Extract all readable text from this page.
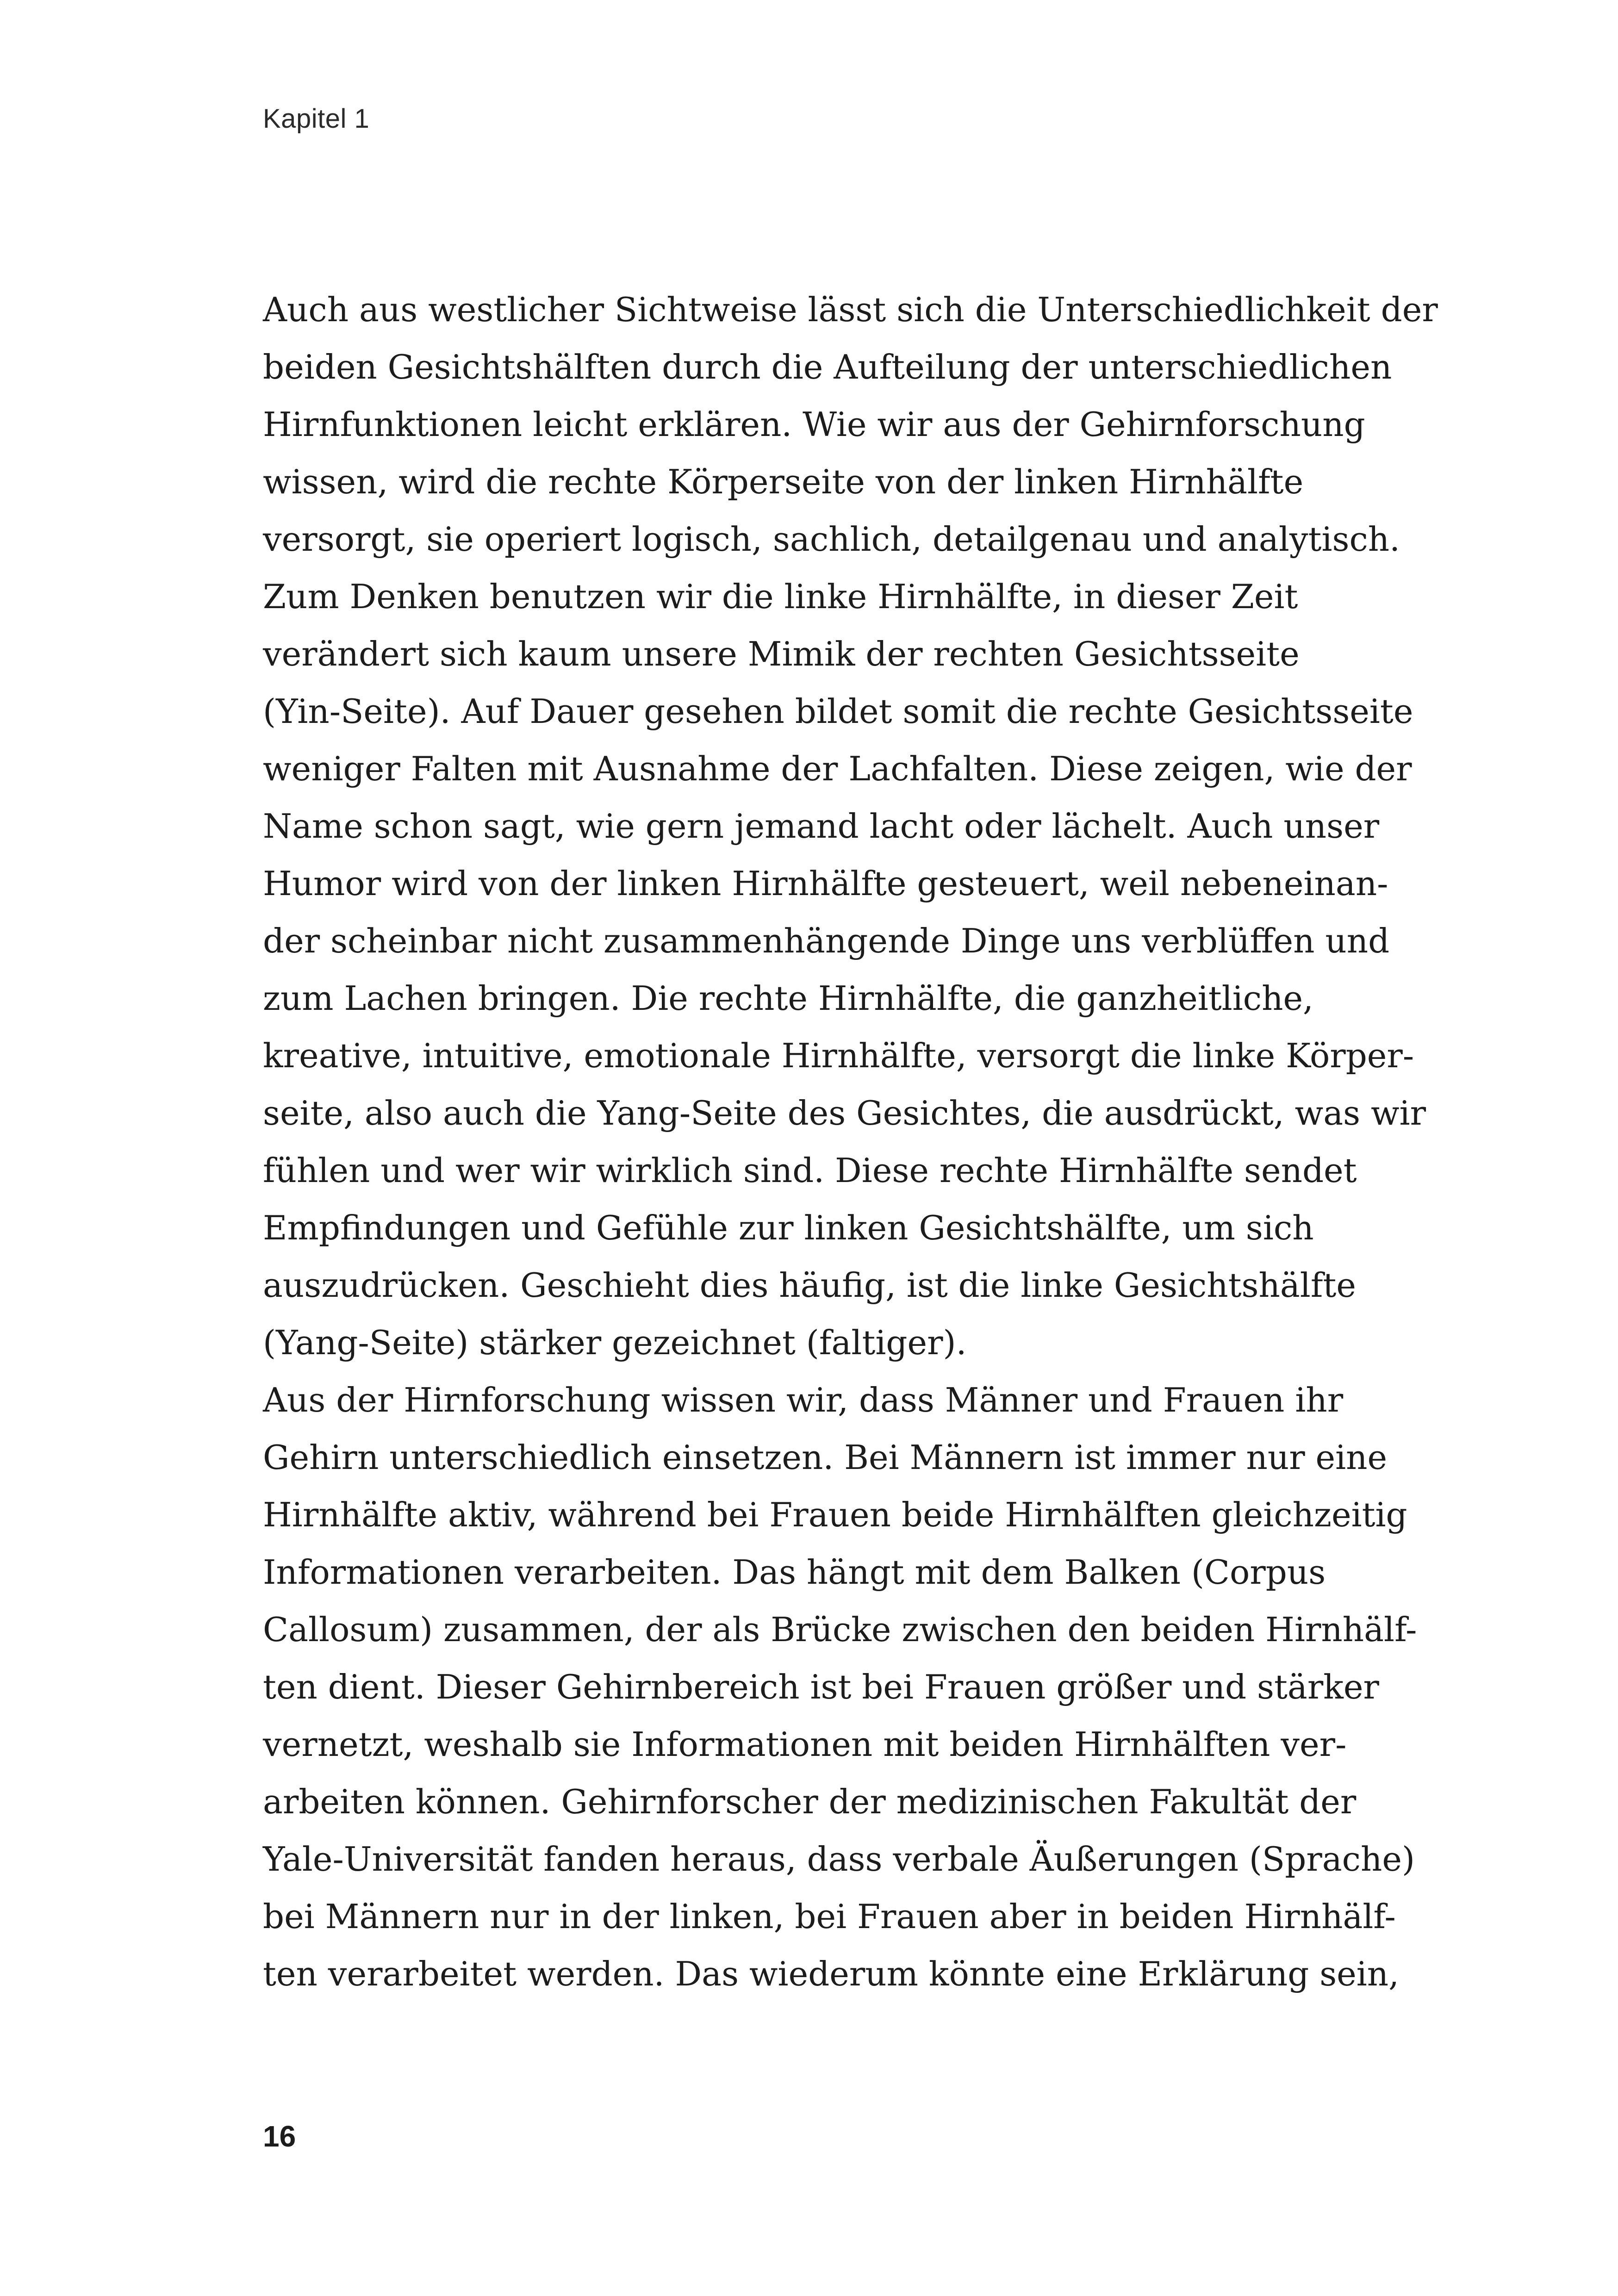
Kapitel 1
Auch aus westlicher Sichtweise lässt sich die Unterschiedlichkeit der
beiden Gesichtshälften durch die Aufteilung der unterschiedlichen
Hirnfunktionen leicht erklären. Wie wir aus der Gehirnforschung
wissen, wird die rechte Körperseite von der linken Hirnhälfte
versorgt, sie operiert logisch, sachlich, detailgenau und analytisch.
Zum Denken benutzen wir die linke Hirnhälfte, in dieser Zeit
verändert sich kaum unsere Mimik der rechten Gesichtsseite
(Yin-Seite). Auf Dauer gesehen bildet somit die rechte Gesichtsseite
weniger Falten mit Ausnahme der Lachfalten. Diese zeigen, wie der
Name schon sagt, wie gern jemand lacht oder lächelt. Auch unser
Humor wird von der linken Hirnhälfte gesteuert, weil nebeneinan-
der scheinbar nicht zusammenhängende Dinge uns verblüffen und
zum Lachen bringen. Die rechte Hirnhälfte, die ganzheitliche,
kreative, intuitive, emotionale Hirnhälfte, versorgt die linke Körper-
seite, also auch die Yang-Seite des Gesichtes, die ausdrückt, was wir
fühlen und wer wir wirklich sind. Diese rechte Hirnhälfte sendet
Empfindungen und Gefühle zur linken Gesichtshälfte, um sich
auszudrücken. Geschieht dies häufig, ist die linke Gesichtshälfte
(Yang-Seite) stärker gezeichnet (faltiger).
Aus der Hirnforschung wissen wir, dass Männer und Frauen ihr
Gehirn unterschiedlich einsetzen. Bei Männern ist immer nur eine
Hirnhälfte aktiv, während bei Frauen beide Hirnhälften gleichzeitig
Informationen verarbeiten. Das hängt mit dem Balken (Corpus
Callosum) zusammen, der als Brücke zwischen den beiden Hirnhälf-
ten dient. Dieser Gehirnbereich ist bei Frauen größer und stärker
vernetzt, weshalb sie Informationen mit beiden Hirnhälften ver-
arbeiten können. Gehirnforscher der medizinischen Fakultät der
Yale-Universität fanden heraus, dass verbale Äußerungen (Sprache)
bei Männern nur in der linken, bei Frauen aber in beiden Hirnhälf-
ten verarbeitet werden. Das wiederum könnte eine Erklärung sein,
16
